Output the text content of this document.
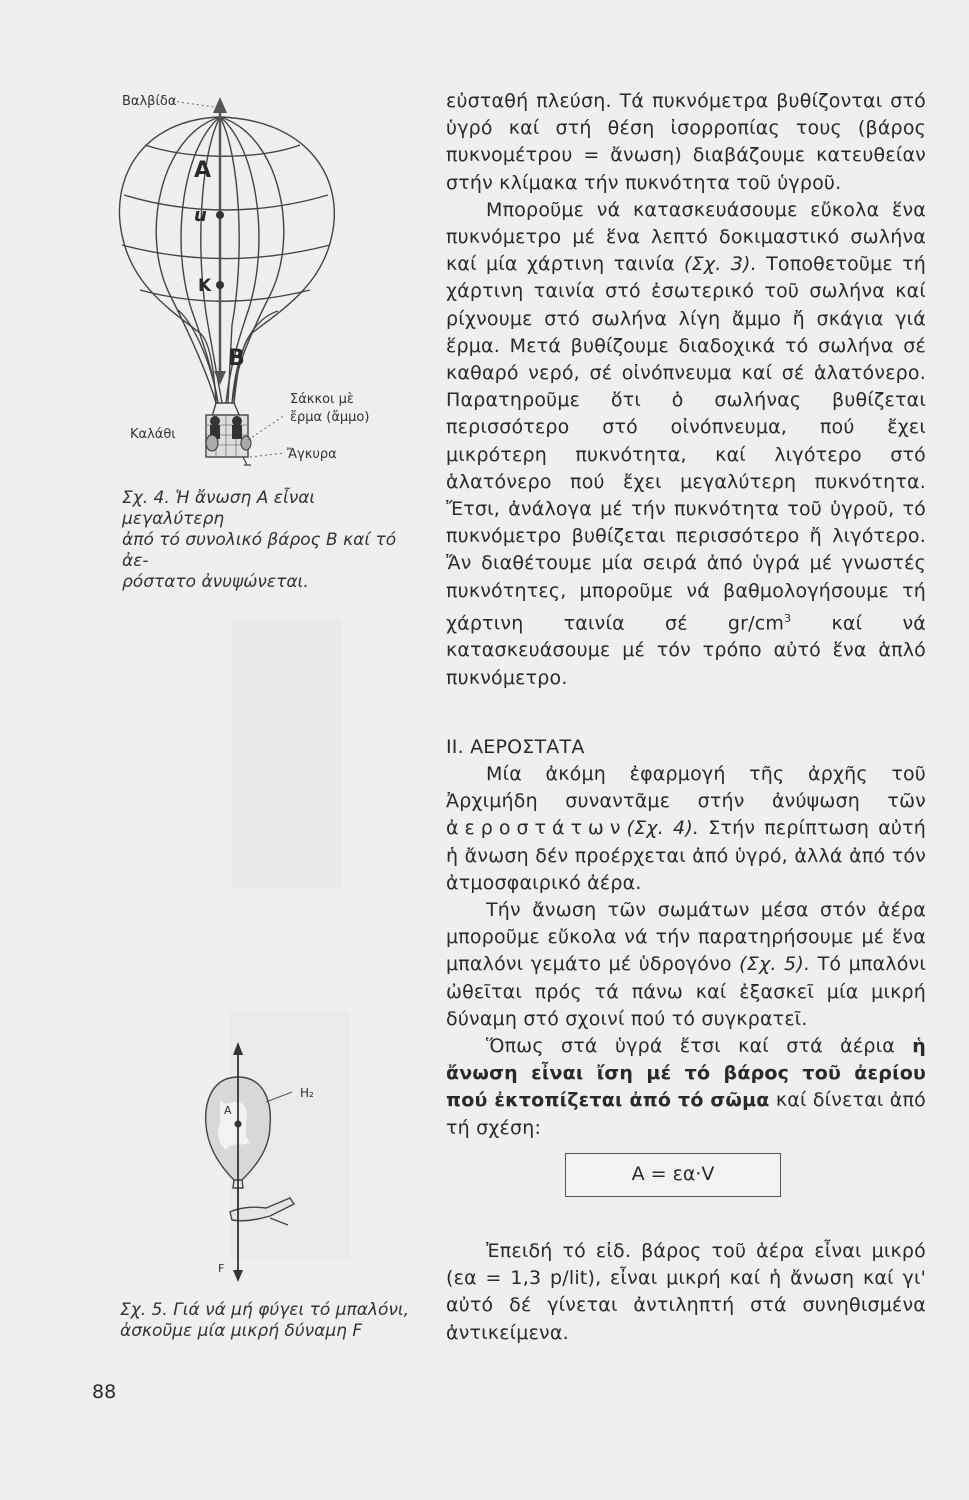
Βαλβίδα
A
u
K
B
Καλάθι
Σάκκοι μὲ
ἔρμα (ἄμμο)
Ἄγκυρα
Σχ. 4. Ἡ ἄνωση A εἶναι μεγαλύτερη
ἀπό τό συνολικό βάρος B καί τό ἀε-
ρόστατο ἀνυψώνεται.
H₂
A
F
Σχ. 5. Γιά νά μή φύγει τό μπαλόνι,
ἀσκοῦμε μία μικρή δύναμη F

εὐσταθή πλεύση. Τά πυκνόμετρα βυθίζονται στό ὑγρό καί στή θέση ἰσορροπίας τους (βάρος πυκνομέτρου = ἄνωση) διαβάζουμε κατευθείαν στήν κλίμακα τήν πυκνότητα τοῦ ὑγροῦ.

Μποροῦμε νά κατασκευάσουμε εὔκολα ἕνα πυκνόμετρο μέ ἕνα λεπτό δοκιμαστικό σωλήνα καί μία χάρτινη ταινία (Σχ. 3). Τοποθετοῦμε τή χάρτινη ταινία στό ἐσωτερικό τοῦ σωλήνα καί ρίχνουμε στό σωλήνα λίγη ἄμμο ἤ σκάγια γιά ἕρμα. Μετά βυθίζουμε διαδοχικά τό σωλήνα σέ καθαρό νερό, σέ οἰνόπνευμα καί σέ ἁλατόνερο. Παρατηροῦμε ὅτι ὁ σωλήνας βυθίζεται περισσότερο στό οἰνόπνευμα, πού ἔχει μικρότερη πυκνότητα, καί λιγότερο στό ἁλατόνερο πού ἔχει μεγαλύτερη πυκνότητα. Ἔτσι, ἀνάλογα μέ τήν πυκνότητα τοῦ ὑγροῦ, τό πυκνόμετρο βυθίζεται περισσότερο ἤ λιγότερο. Ἄν διαθέτουμε μία σειρά ἀπό ὑγρά μέ γνωστές πυκνότητες, μποροῦμε νά βαθμολογήσουμε τή χάρτινη ταινία σέ $gr/cm^3$ καί νά κατασκευάσουμε μέ τόν τρόπο αὐτό ἕνα ἁπλό πυκνόμετρο.

II. ΑΕΡΟΣΤΑΤΑ

Μία ἀκόμη ἐφαρμογή τῆς ἀρχῆς τοῦ Ἀρχιμήδη συναντᾶμε στήν ἀνύψωση τῶν ἀεροστάτων(Σχ. 4). Στήν περίπτωση αὐτή ἡ ἄνωση δέν προέρχεται ἀπό ὑγρό, ἀλλά ἀπό τόν ἀτμοσφαιρικό ἀέρα.

Τήν ἄνωση τῶν σωμάτων μέσα στόν ἀέρα μποροῦμε εὔκολα νά τήν παρατηρήσουμε μέ ἕνα μπαλόνι γεμάτο μέ ὑδρογόνο (Σχ. 5). Τό μπαλόνι ὠθεῖται πρός τά πάνω καί ἐξασκεῖ μία μικρή δύναμη στό σχοινί πού τό συγκρατεῖ.

Ὅπως στά ὑγρά ἔτσι καί στά ἀέρια ἡ ἄνωση εἶναι ἴση μέ τό βάρος τοῦ ἀερίου πού ἐκτοπίζεται ἀπό τό σῶμα καί δίνεται ἀπό τή σχέση:

A = εα·V

Ἐπειδή τό εἰδ. βάρος τοῦ ἀέρα εἶναι μικρό (εα = 1,3 p/lit), εἶναι μικρή καί ἡ ἄνωση καί γι' αὐτό δέ γίνεται ἀντιληπτή στά συνηθισμένα ἀντικείμενα.

88
